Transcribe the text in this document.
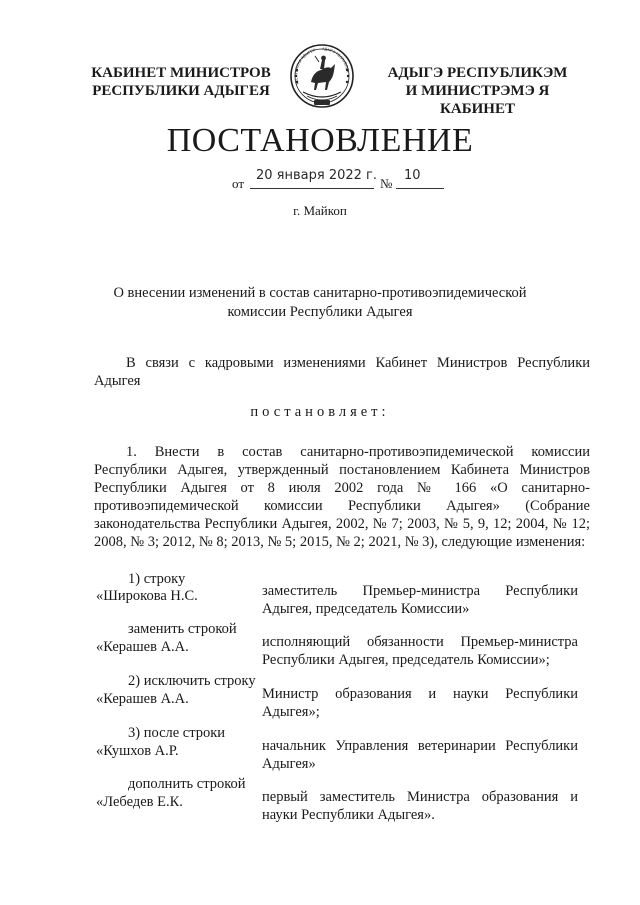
КАБИНЕТ МИНИСТРОВ
РЕСПУБЛИКИ АДЫГЕЯ	РЕСПУБЛИКА АДЫГЕЯ АДЫГЭ РЕСПУБЛИК	АДЫГЭ РЕСПУБЛИКЭМ
И МИНИСТРЭМЭ Я КАБИНЕТ
ПОСТАНОВЛЕНИЕ
от
20 января 2022 г.
№
10
г. Майкоп
О внесении изменений в состав санитарно-противоэпидемической
комиссии Республики Адыгея
В связи с кадровыми изменениями Кабинет Министров Республики Адыгея
постановляет:
1. Внести в состав санитарно-противоэпидемической комиссии Республики Адыгея, утвержденный постановлением Кабинета Министров Республики Адыгея от 8 июля 2002 года № 166 «О санитарно-противоэпидемической комиссии Республики Адыгея» (Собрание законодательства Республики Адыгея, 2002, № 7; 2003, № 5, 9, 12; 2004, № 12; 2008, № 3; 2012, № 8; 2013, № 5; 2015, № 2; 2021, № 3), следующие изменения:
1) строку
«Широкова Н.С.	заместитель Премьер-министра Республики Адыгея, председатель Комиссии»
заменить строкой
«Керашев А.А.	исполняющий обязанности Премьер-министра Республики Адыгея, председатель Комиссии»;
2) исключить строку
«Керашев А.А.	Министр образования и науки Республики Адыгея»;
3) после строки
«Кушхов А.Р.	начальник Управления ветеринарии Республики Адыгея»
дополнить строкой
«Лебедев Е.К.	первый заместитель Министра образования и науки Республики Адыгея».
